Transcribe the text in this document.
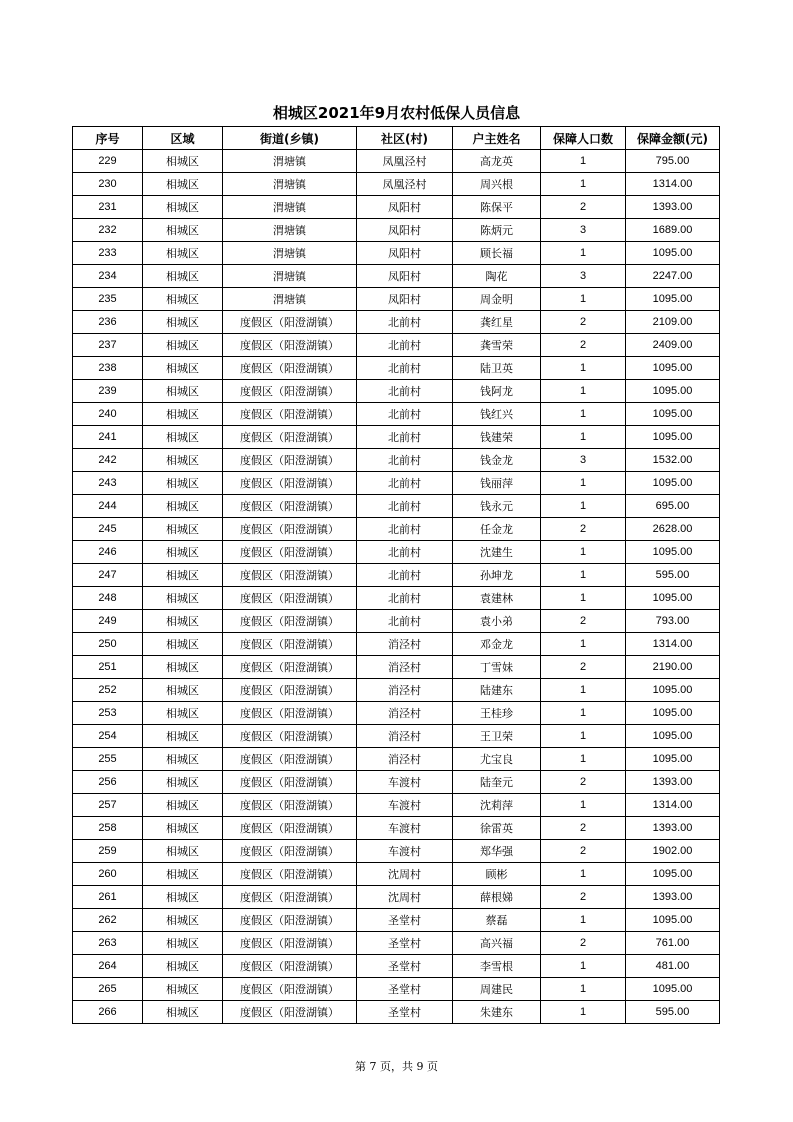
相城区2021年9月农村低保人员信息
序号	区域	街道(乡镇)	社区(村)	户主姓名	保障人口数	保障金额(元)
229	相城区	渭塘镇	凤凰泾村	高龙英	1	795.00
230	相城区	渭塘镇	凤凰泾村	周兴根	1	1314.00
231	相城区	渭塘镇	凤阳村	陈保平	2	1393.00
232	相城区	渭塘镇	凤阳村	陈炳元	3	1689.00
233	相城区	渭塘镇	凤阳村	顾长福	1	1095.00
234	相城区	渭塘镇	凤阳村	陶花	3	2247.00
235	相城区	渭塘镇	凤阳村	周金明	1	1095.00
236	相城区	度假区（阳澄湖镇）	北前村	龚红星	2	2109.00
237	相城区	度假区（阳澄湖镇）	北前村	龚雪荣	2	2409.00
238	相城区	度假区（阳澄湖镇）	北前村	陆卫英	1	1095.00
239	相城区	度假区（阳澄湖镇）	北前村	钱阿龙	1	1095.00
240	相城区	度假区（阳澄湖镇）	北前村	钱红兴	1	1095.00
241	相城区	度假区（阳澄湖镇）	北前村	钱建荣	1	1095.00
242	相城区	度假区（阳澄湖镇）	北前村	钱金龙	3	1532.00
243	相城区	度假区（阳澄湖镇）	北前村	钱丽萍	1	1095.00
244	相城区	度假区（阳澄湖镇）	北前村	钱永元	1	695.00
245	相城区	度假区（阳澄湖镇）	北前村	任金龙	2	2628.00
246	相城区	度假区（阳澄湖镇）	北前村	沈建生	1	1095.00
247	相城区	度假区（阳澄湖镇）	北前村	孙坤龙	1	595.00
248	相城区	度假区（阳澄湖镇）	北前村	袁建林	1	1095.00
249	相城区	度假区（阳澄湖镇）	北前村	袁小弟	2	793.00
250	相城区	度假区（阳澄湖镇）	消泾村	邓金龙	1	1314.00
251	相城区	度假区（阳澄湖镇）	消泾村	丁雪妹	2	2190.00
252	相城区	度假区（阳澄湖镇）	消泾村	陆建东	1	1095.00
253	相城区	度假区（阳澄湖镇）	消泾村	王桂珍	1	1095.00
254	相城区	度假区（阳澄湖镇）	消泾村	王卫荣	1	1095.00
255	相城区	度假区（阳澄湖镇）	消泾村	尤宝良	1	1095.00
256	相城区	度假区（阳澄湖镇）	车渡村	陆奎元	2	1393.00
257	相城区	度假区（阳澄湖镇）	车渡村	沈莉萍	1	1314.00
258	相城区	度假区（阳澄湖镇）	车渡村	徐雷英	2	1393.00
259	相城区	度假区（阳澄湖镇）	车渡村	郑华强	2	1902.00
260	相城区	度假区（阳澄湖镇）	沈周村	顾彬	1	1095.00
261	相城区	度假区（阳澄湖镇）	沈周村	薛根娣	2	1393.00
262	相城区	度假区（阳澄湖镇）	圣堂村	蔡磊	1	1095.00
263	相城区	度假区（阳澄湖镇）	圣堂村	高兴福	2	761.00
264	相城区	度假区（阳澄湖镇）	圣堂村	李雪根	1	481.00
265	相城区	度假区（阳澄湖镇）	圣堂村	周建民	1	1095.00
266	相城区	度假区（阳澄湖镇）	圣堂村	朱建东	1	595.00
第 7 页，共 9 页
